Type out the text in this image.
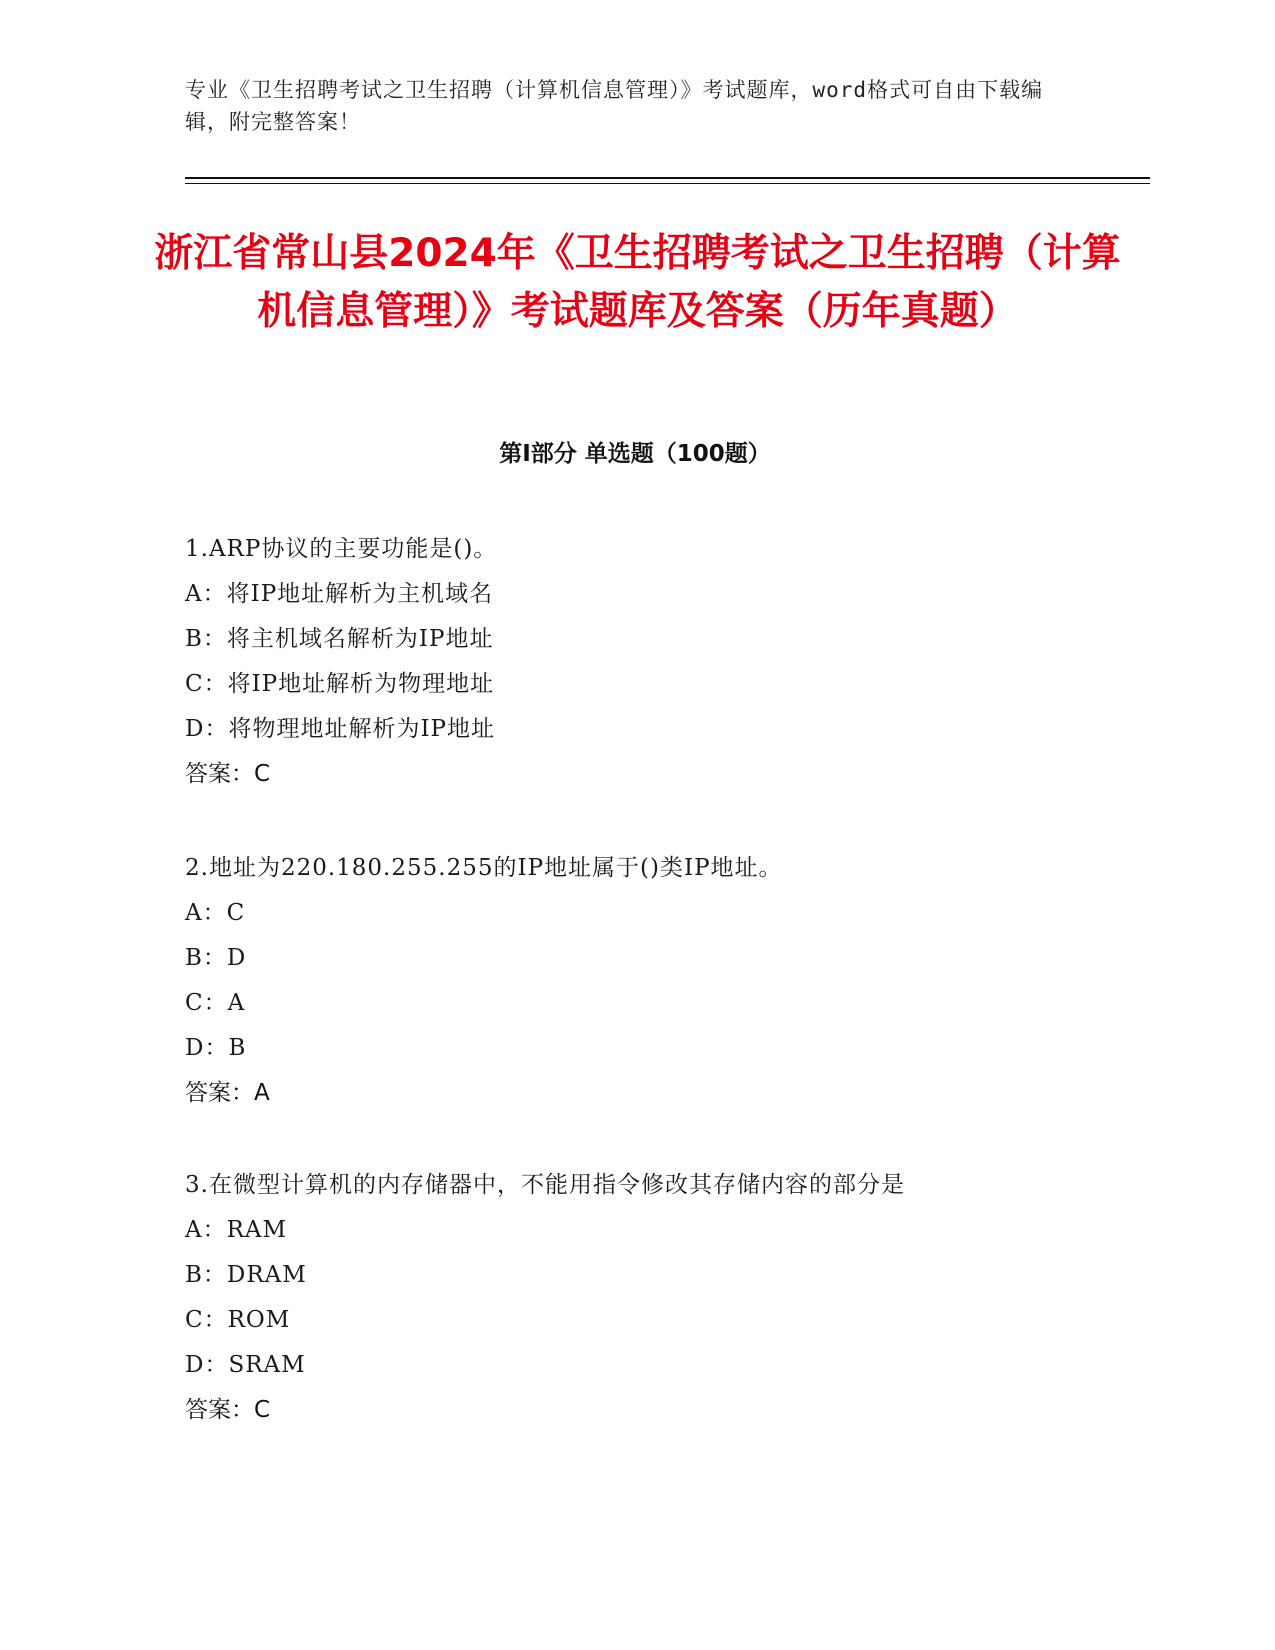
专业《卫生招聘考试之卫生招聘（计算机信息管理）》考试题库，word格式可自由下载编辑，附完整答案！
浙江省常山县2024年《卫生招聘考试之卫生招聘（计算机信息管理）》考试题库及答案（历年真题）
第Ⅰ部分 单选题（100题）
1.ARP协议的主要功能是()。
A：将IP地址解析为主机域名
B：将主机域名解析为IP地址
C：将IP地址解析为物理地址
D：将物理地址解析为IP地址
答案：C
2.地址为220.180.255.255的IP地址属于()类IP地址。
A：C
B：D
C：A
D：B
答案：A
3.在微型计算机的内存储器中，不能用指令修改其存储内容的部分是
A：RAM
B：DRAM
C：ROM
D：SRAM
答案：C
